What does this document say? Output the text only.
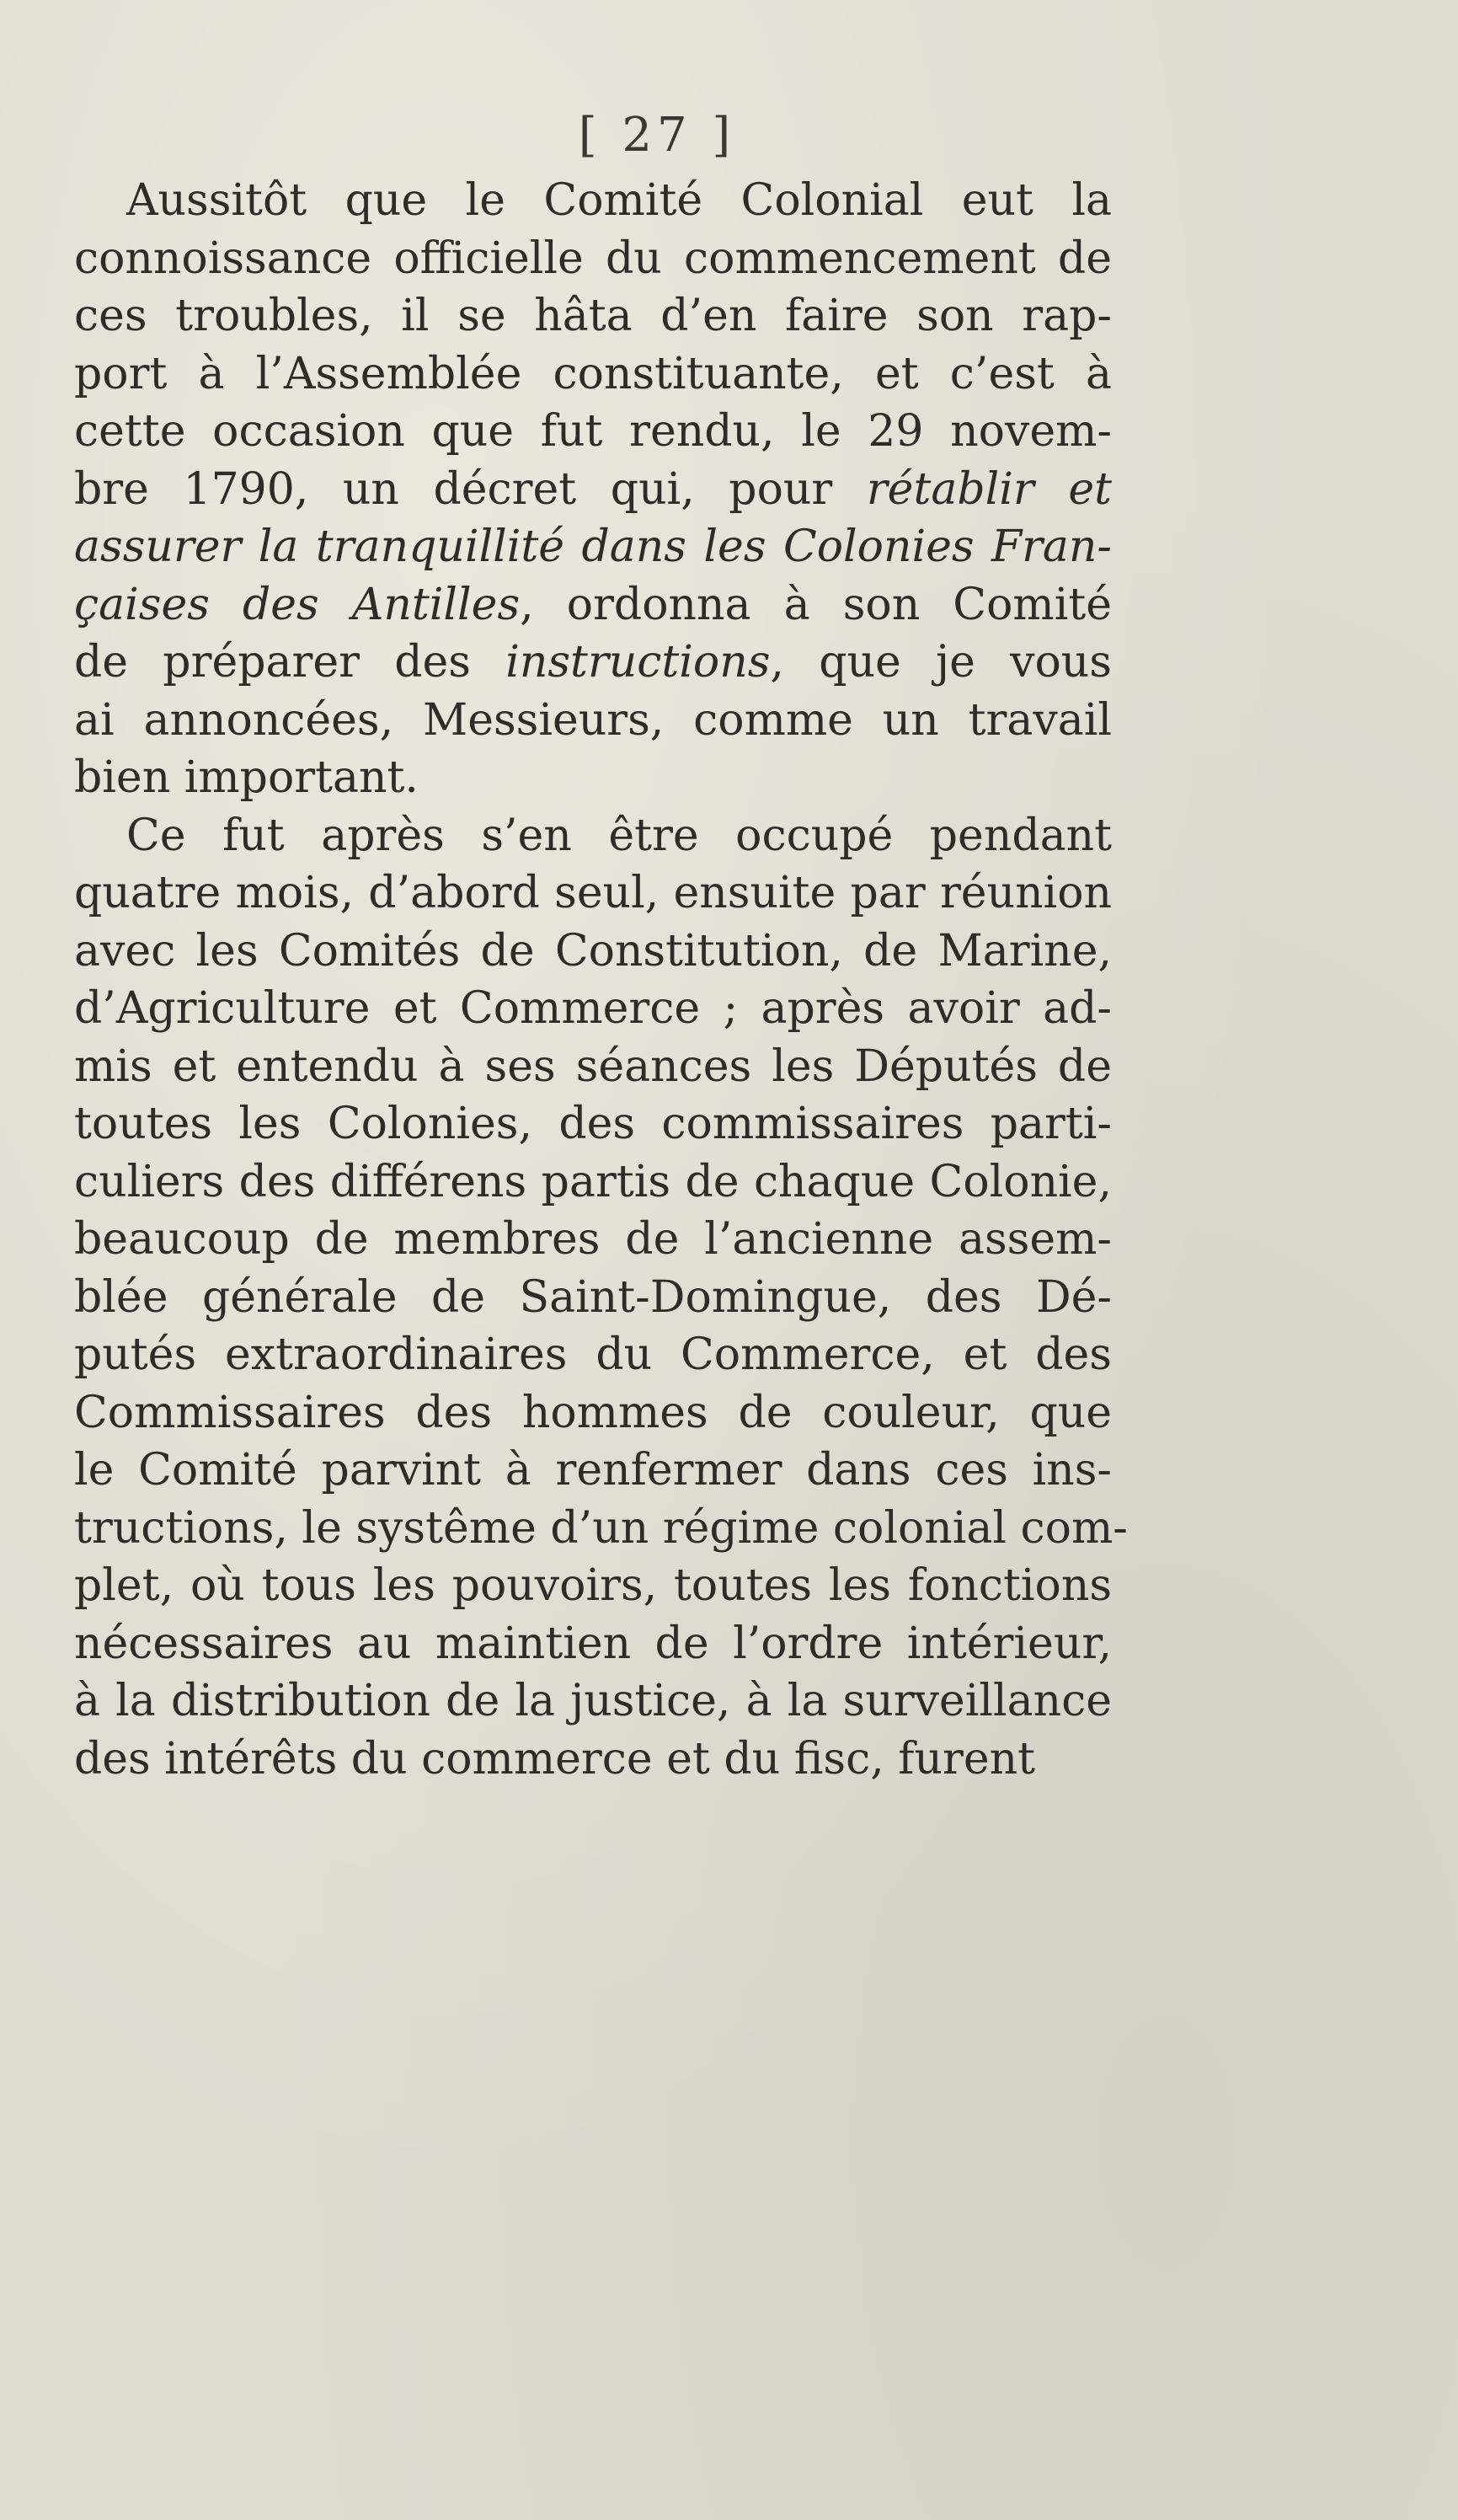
[ 27 ]
Aussitôt que le Comité Colonial eut la
connoissance officielle du commencement de
ces troubles, il se hâta d’en faire son rap-
port à l’Assemblée constituante, et c’est à
cette occasion que fut rendu, le 29 novem-
bre 1790, un décret qui, pour rétablir et
assurer la tranquillité dans les Colonies Fran-
çaises des Antilles, ordonna à son Comité
de préparer des instructions, que je vous
ai annoncées, Messieurs, comme un travail
bien important.
Ce fut après s’en être occupé pendant
quatre mois, d’abord seul, ensuite par réunion
avec les Comités de Constitution, de Marine,
d’Agriculture et Commerce ; après avoir ad-
mis et entendu à ses séances les Députés de
toutes les Colonies, des commissaires parti-
culiers des différens partis de chaque Colonie,
beaucoup de membres de l’ancienne assem-
blée générale de Saint-Domingue, des Dé-
putés extraordinaires du Commerce, et des
Commissaires des hommes de couleur, que
le Comité parvint à renfermer dans ces ins-
tructions, le systême d’un régime colonial com-
plet, où tous les pouvoirs, toutes les fonctions
nécessaires au maintien de l’ordre intérieur,
à la distribution de la justice, à la surveillance
des intérêts du commerce et du fisc, furent
